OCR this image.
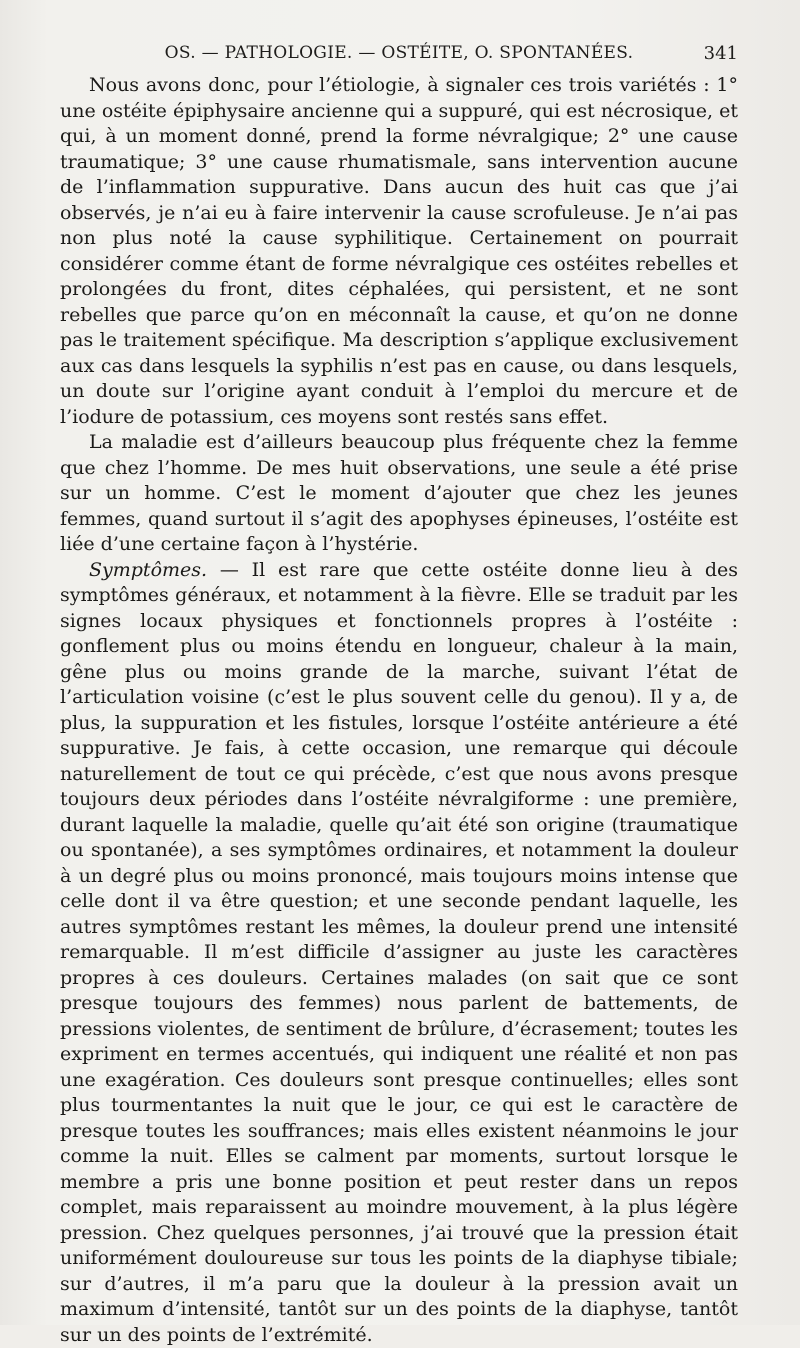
OS. — PATHOLOGIE. — OSTÉITE, O. SPONTANÉES.	341

Nous avons donc, pour l’étiologie, à signaler ces trois variétés : 1° une ostéite épiphysaire ancienne qui a suppuré, qui est nécrosique, et qui, à un moment donné, prend la forme névralgique; 2° une cause traumatique; 3° une cause rhumatismale, sans intervention aucune de l’inflammation suppurative. Dans aucun des huit cas que j’ai observés, je n’ai eu à faire intervenir la cause scrofuleuse. Je n’ai pas non plus noté la cause syphilitique. Certainement on pourrait considérer comme étant de forme névralgique ces ostéites rebelles et prolongées du front, dites céphalées, qui persistent, et ne sont rebelles que parce qu’on en méconnaît la cause, et qu’on ne donne pas le traitement spécifique. Ma description s’applique exclusivement aux cas dans lesquels la syphilis n’est pas en cause, ou dans lesquels, un doute sur l’origine ayant conduit à l’emploi du mercure et de l’iodure de potassium, ces moyens sont restés sans effet.

La maladie est d’ailleurs beaucoup plus fréquente chez la femme que chez l’homme. De mes huit observations, une seule a été prise sur un homme. C’est le moment d’ajouter que chez les jeunes femmes, quand surtout il s’agit des apophyses épineuses, l’ostéite est liée d’une certaine façon à l’hystérie.

Symptômes. — Il est rare que cette ostéite donne lieu à des symptômes généraux, et notamment à la fièvre. Elle se traduit par les signes locaux physiques et fonctionnels propres à l’ostéite : gonflement plus ou moins étendu en longueur, chaleur à la main, gêne plus ou moins grande de la marche, suivant l’état de l’articulation voisine (c’est le plus souvent celle du genou). Il y a, de plus, la suppuration et les fistules, lorsque l’ostéite antérieure a été suppurative. Je fais, à cette occasion, une remarque qui découle naturellement de tout ce qui précède, c’est que nous avons presque toujours deux périodes dans l’ostéite névralgiforme : une première, durant laquelle la maladie, quelle qu’ait été son origine (traumatique ou spontanée), a ses symptômes ordinaires, et notamment la douleur à un degré plus ou moins prononcé, mais toujours moins intense que celle dont il va être question; et une seconde pendant laquelle, les autres symptômes restant les mêmes, la douleur prend une intensité remarquable. Il m’est difficile d’assigner au juste les caractères propres à ces douleurs. Certaines malades (on sait que ce sont presque toujours des femmes) nous parlent de battements, de pressions violentes, de sentiment de brûlure, d’écrasement; toutes les expriment en termes accentués, qui indiquent une réalité et non pas une exagération. Ces douleurs sont presque continuelles; elles sont plus tourmentantes la nuit que le jour, ce qui est le caractère de presque toutes les souffrances; mais elles existent néanmoins le jour comme la nuit. Elles se calment par moments, surtout lorsque le membre a pris une bonne position et peut rester dans un repos complet, mais reparaissent au moindre mouvement, à la plus légère pression. Chez quelques personnes, j’ai trouvé que la pression était uniformément douloureuse sur tous les points de la diaphyse tibiale; sur d’autres, il m’a paru que la douleur à la pression avait un maximum d’intensité, tantôt sur un des points de la diaphyse, tantôt sur un des points de l’extrémité.
